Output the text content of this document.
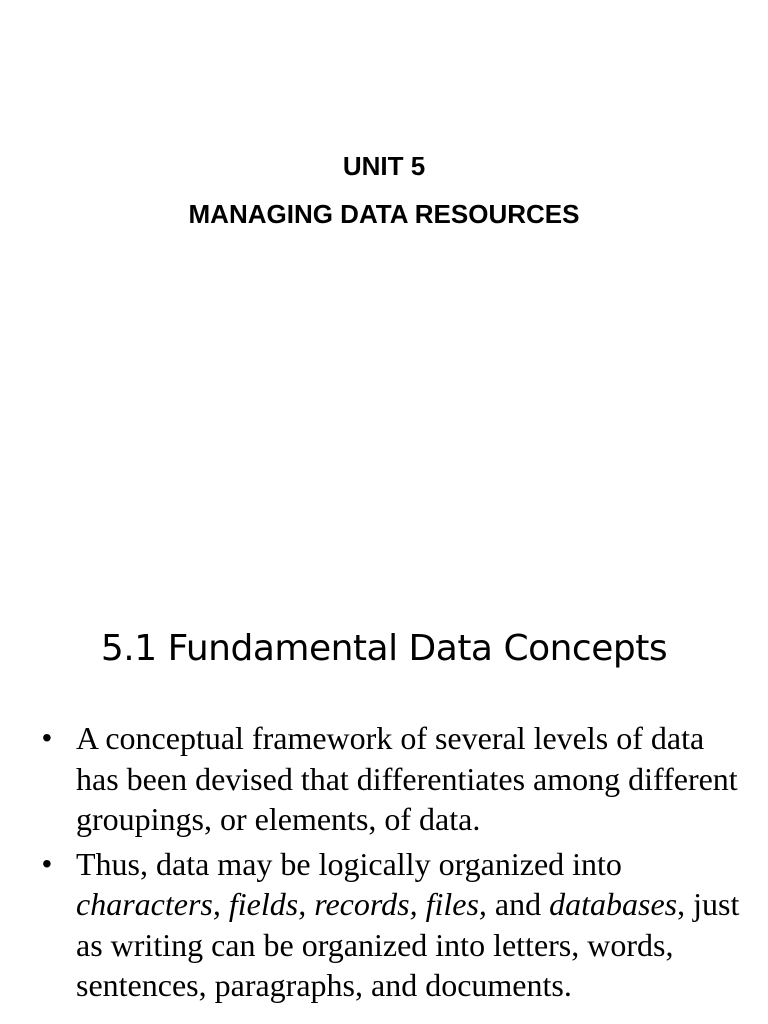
UNIT 5
MANAGING DATA RESOURCES
5.1 Fundamental Data Concepts
• A conceptual framework of several levels of data has been devised that differentiates among different groupings, or elements, of data.
• Thus, data may be logically organized into characters, fields, records, files, and databases, just as writing can be organized into letters, words, sentences, paragraphs, and documents.
